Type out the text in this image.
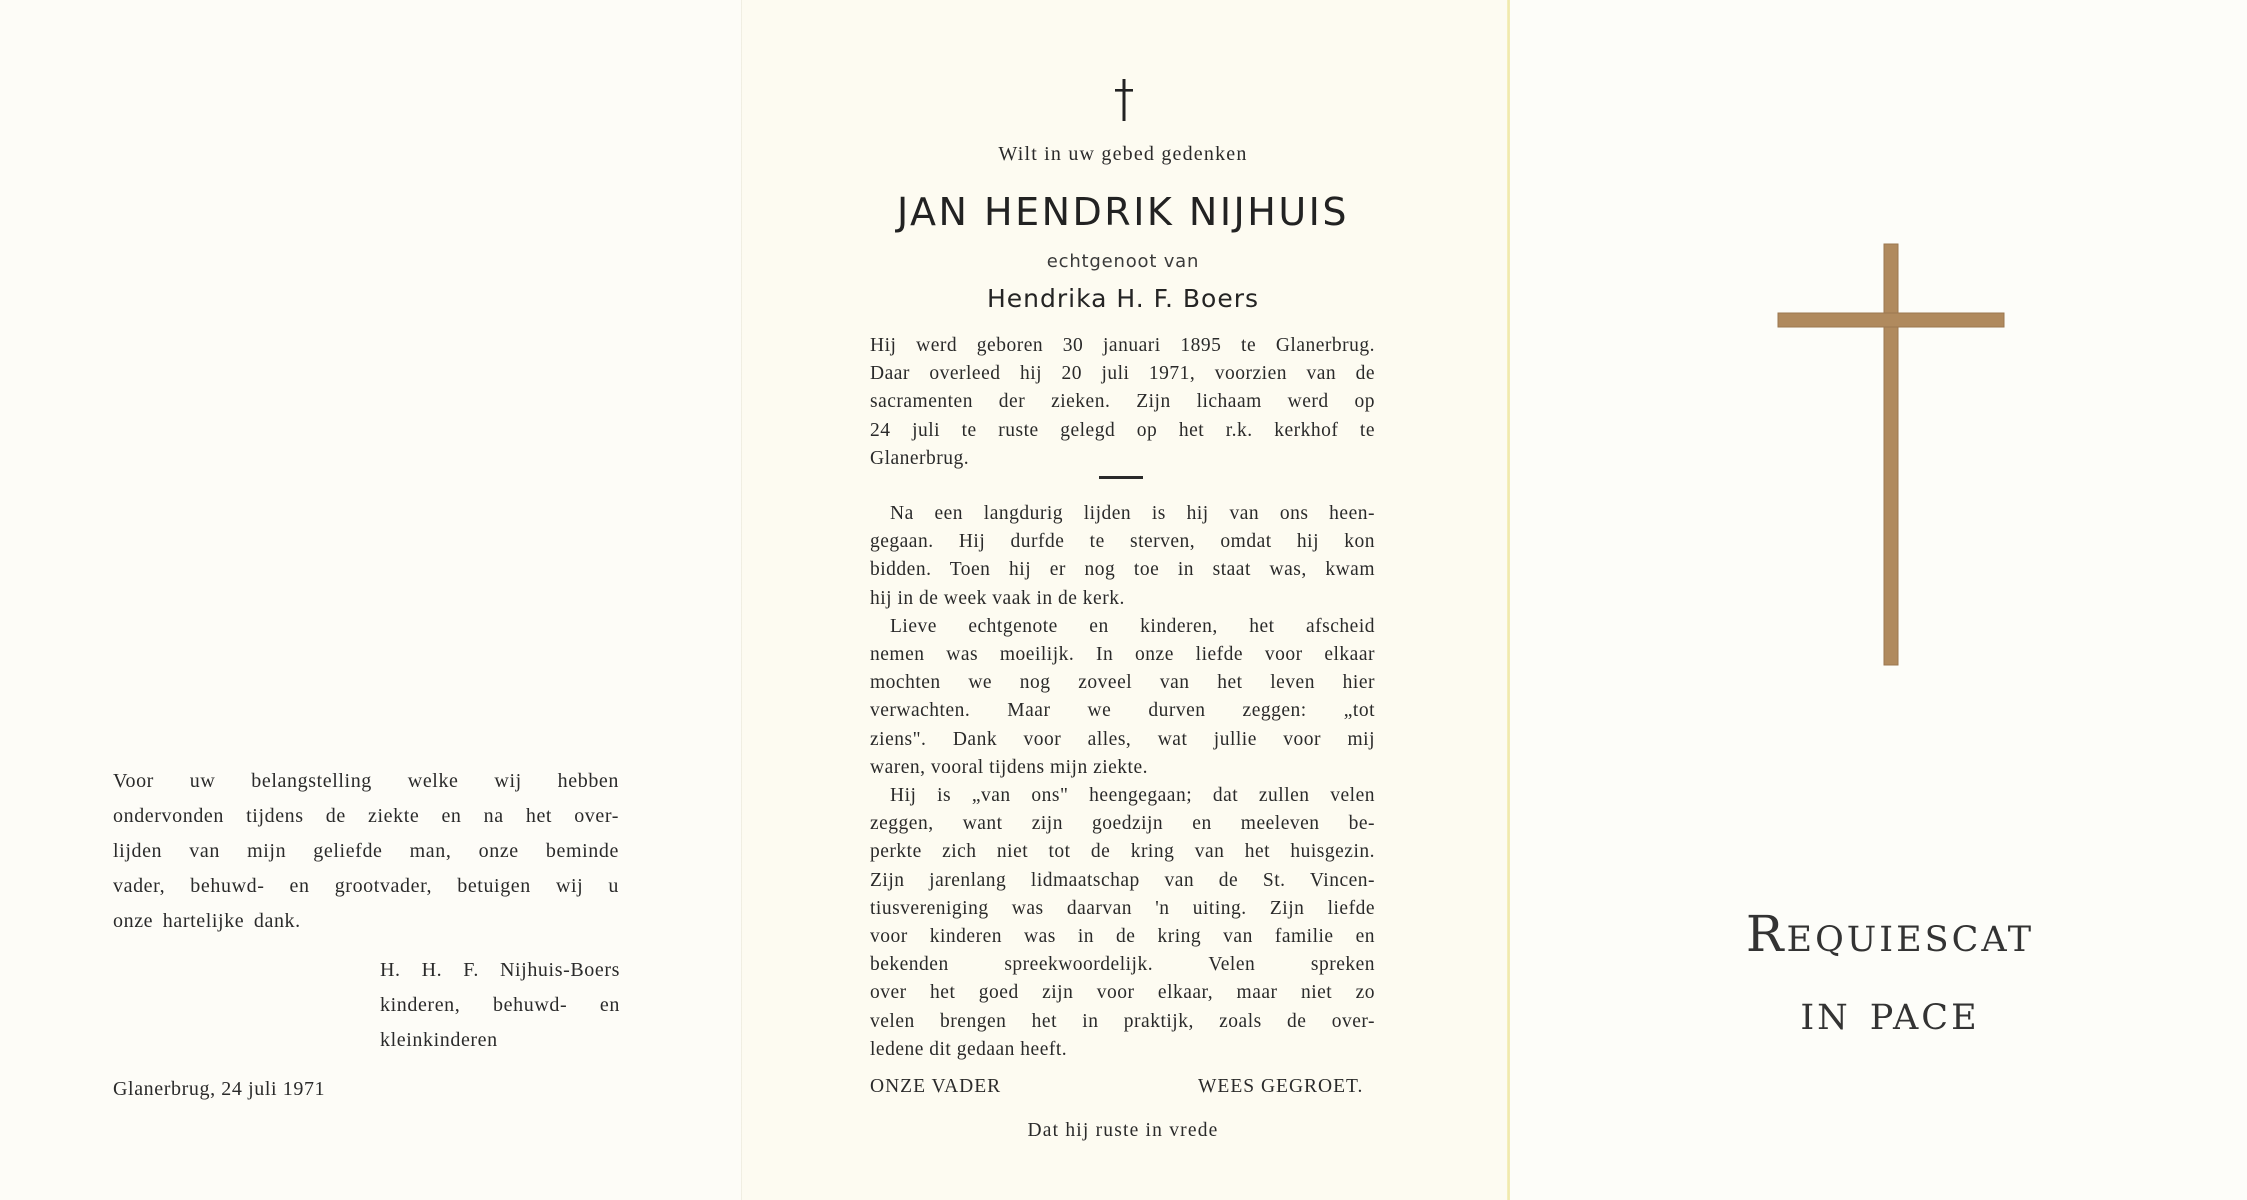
Voor uw belangstelling welke wij hebben
ondervonden tijdens de ziekte en na het over-
lijden van mijn geliefde man, onze beminde
vader, behuwd- en grootvader, betuigen wij u
onze hartelijke dank.
H. H. F. Nijhuis-Boers
kinderen, behuwd- en
kleinkinderen
Glanerbrug, 24 juli 1971
Wilt in uw gebed gedenken
JAN HENDRIK NIJHUIS
echtgenoot van
Hendrika H. F. Boers
Hij werd geboren 30 januari 1895 te Glanerbrug.
Daar overleed hij 20 juli 1971, voorzien van de
sacramenten der zieken. Zijn lichaam werd op
24 juli te ruste gelegd op het r.k. kerkhof te
Glanerbrug.
Na een langdurig lijden is hij van ons heen-
gegaan. Hij durfde te sterven, omdat hij kon
bidden. Toen hij er nog toe in staat was, kwam
hij in de week vaak in de kerk.
Lieve echtgenote en kinderen, het afscheid
nemen was moeilijk. In onze liefde voor elkaar
mochten we nog zoveel van het leven hier
verwachten. Maar we durven zeggen: „tot
ziens". Dank voor alles, wat jullie voor mij
waren, vooral tijdens mijn ziekte.
Hij is „van ons" heengegaan; dat zullen velen
zeggen, want zijn goedzijn en meeleven be-
perkte zich niet tot de kring van het huisgezin.
Zijn jarenlang lidmaatschap van de St. Vincen-
tiusvereniging was daarvan 'n uiting. Zijn liefde
voor kinderen was in de kring van familie en
bekenden spreekwoordelijk. Velen spreken
over het goed zijn voor elkaar, maar niet zo
velen brengen het in praktijk, zoals de over-
ledene dit gedaan heeft.
ONZE VADER	WEES GEGROET.
Dat hij ruste in vrede
Requiescat
in pace
